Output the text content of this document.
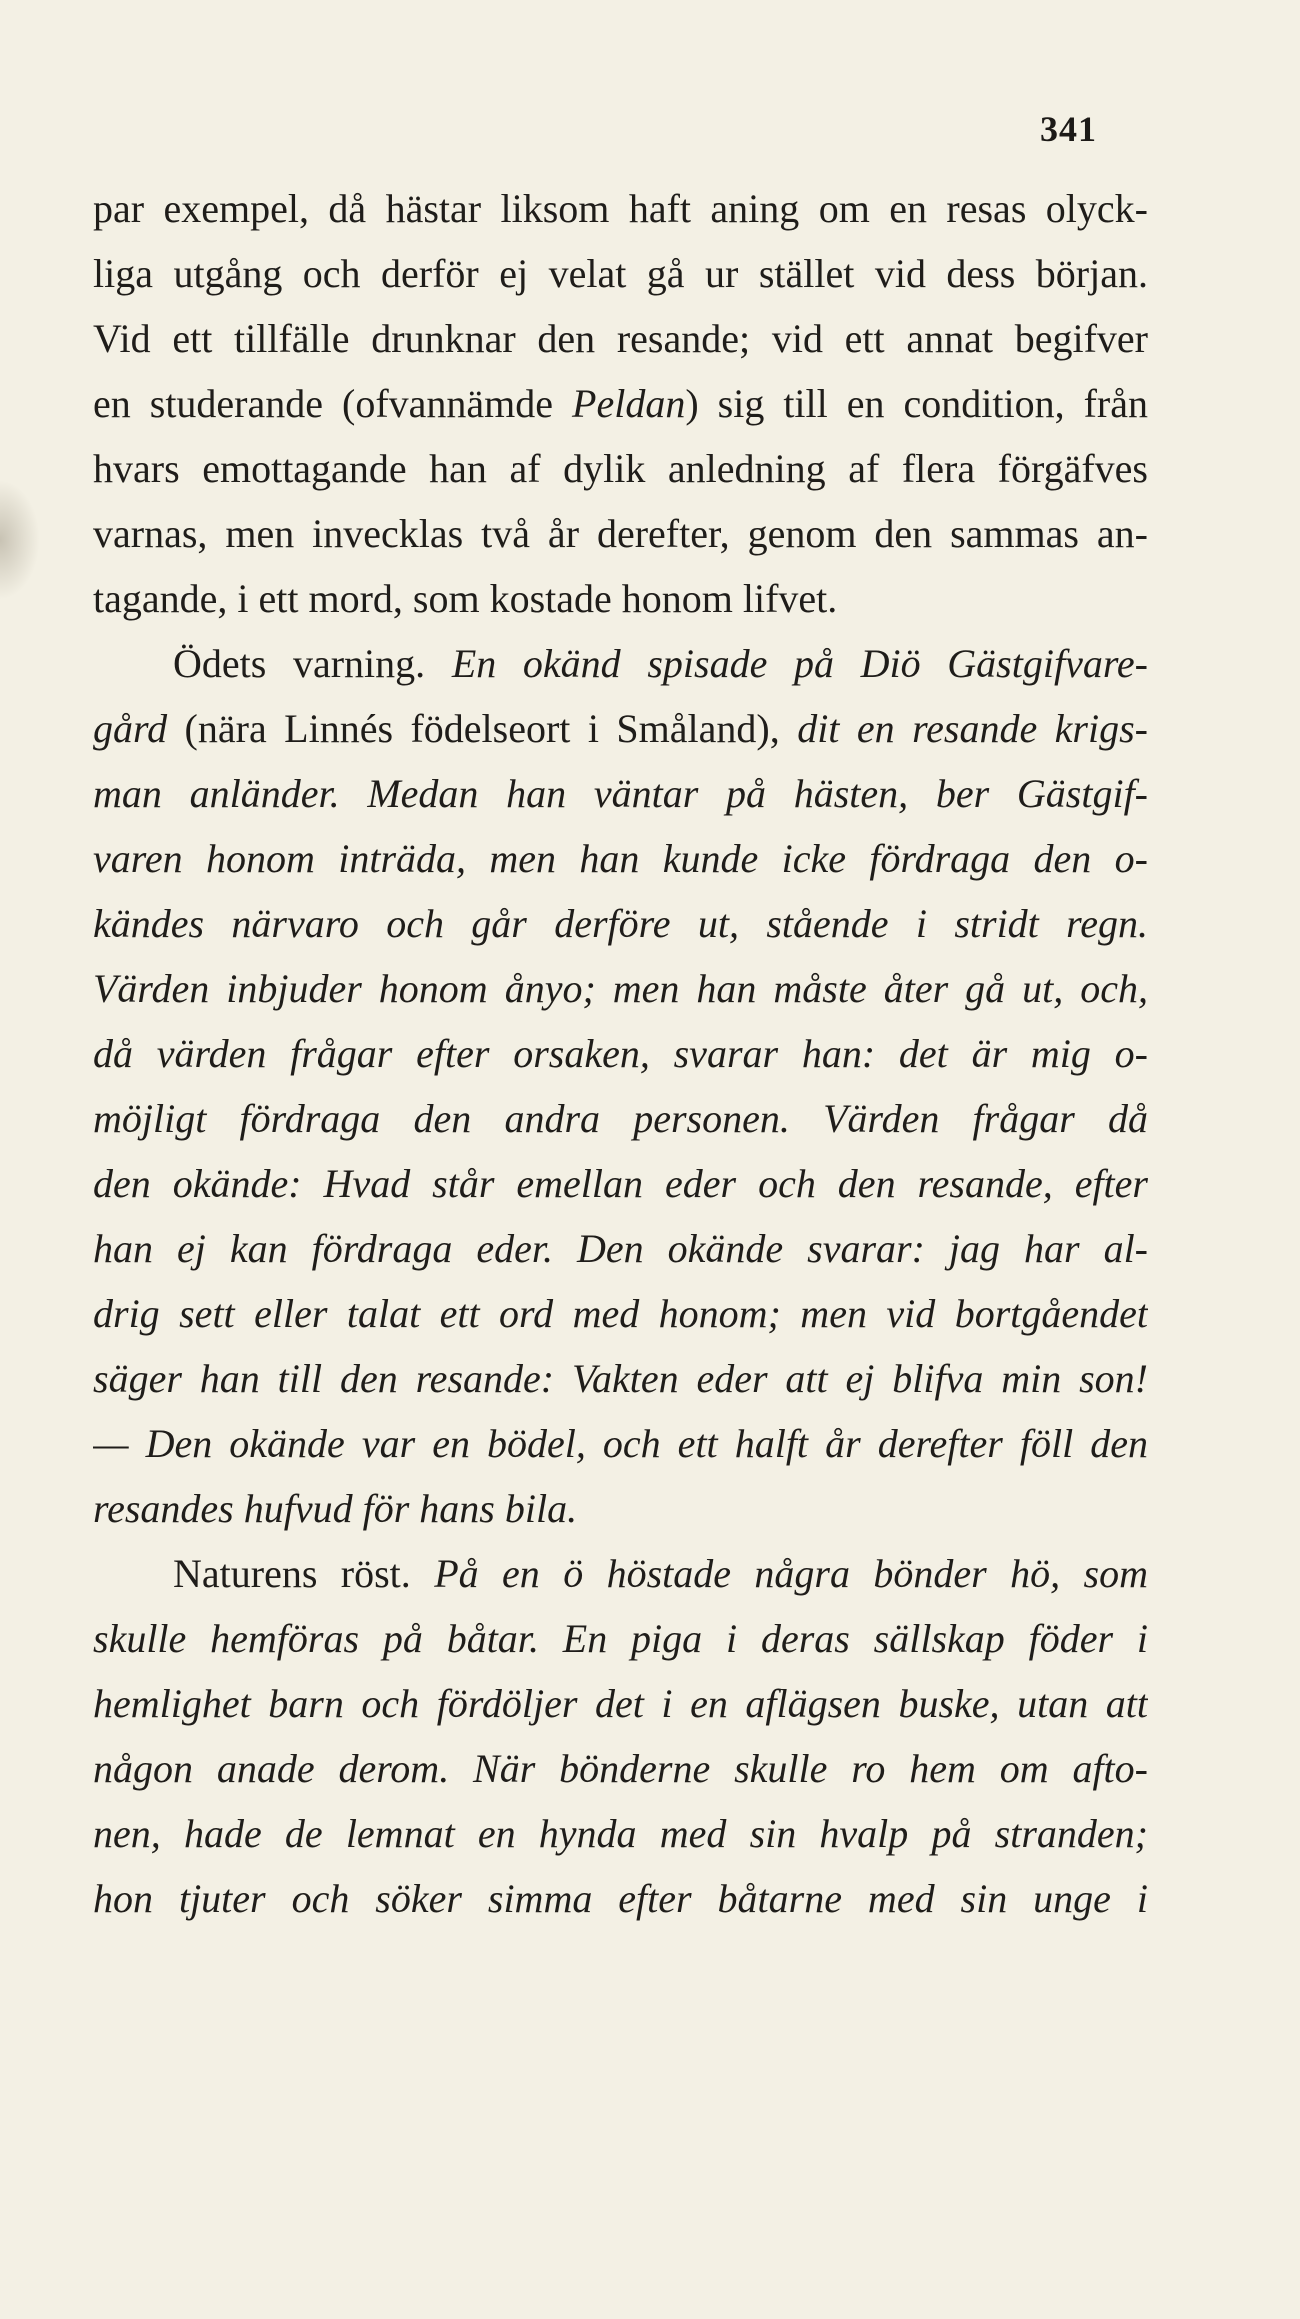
341
par exempel, då hästar liksom haft aning om en resas olyck-
liga utgång och derför ej velat gå ur stället vid dess början.
Vid ett tillfälle drunknar den resande; vid ett annat begifver
en studerande (ofvannämde Peldan) sig till en condition, från
hvars emottagande han af dylik anledning af flera förgäfves
varnas, men invecklas två år derefter, genom den sammas an-
tagande, i ett mord, som kostade honom lifvet.
Ödets varning. En okänd spisade på Diö Gästgifvare-
gård (nära Linnés födelseort i Småland), dit en resande krigs-
man anländer. Medan han väntar på hästen, ber Gästgif-
varen honom inträda, men han kunde icke fördraga den o-
kändes närvaro och går derföre ut, stående i stridt regn.
Värden inbjuder honom ånyo; men han måste åter gå ut, och,
då värden frågar efter orsaken, svarar han: det är mig o-
möjligt fördraga den andra personen. Värden frågar då
den okände: Hvad står emellan eder och den resande, efter
han ej kan fördraga eder. Den okände svarar: jag har al-
drig sett eller talat ett ord med honom; men vid bortgåendet
säger han till den resande: Vakten eder att ej blifva min son!
— Den okände var en bödel, och ett halft år derefter föll den
resandes hufvud för hans bila.
Naturens röst. På en ö höstade några bönder hö, som
skulle hemföras på båtar. En piga i deras sällskap föder i
hemlighet barn och fördöljer det i en aflägsen buske, utan att
någon anade derom. När bönderne skulle ro hem om afto-
nen, hade de lemnat en hynda med sin hvalp på stranden;
hon tjuter och söker simma efter båtarne med sin unge i
